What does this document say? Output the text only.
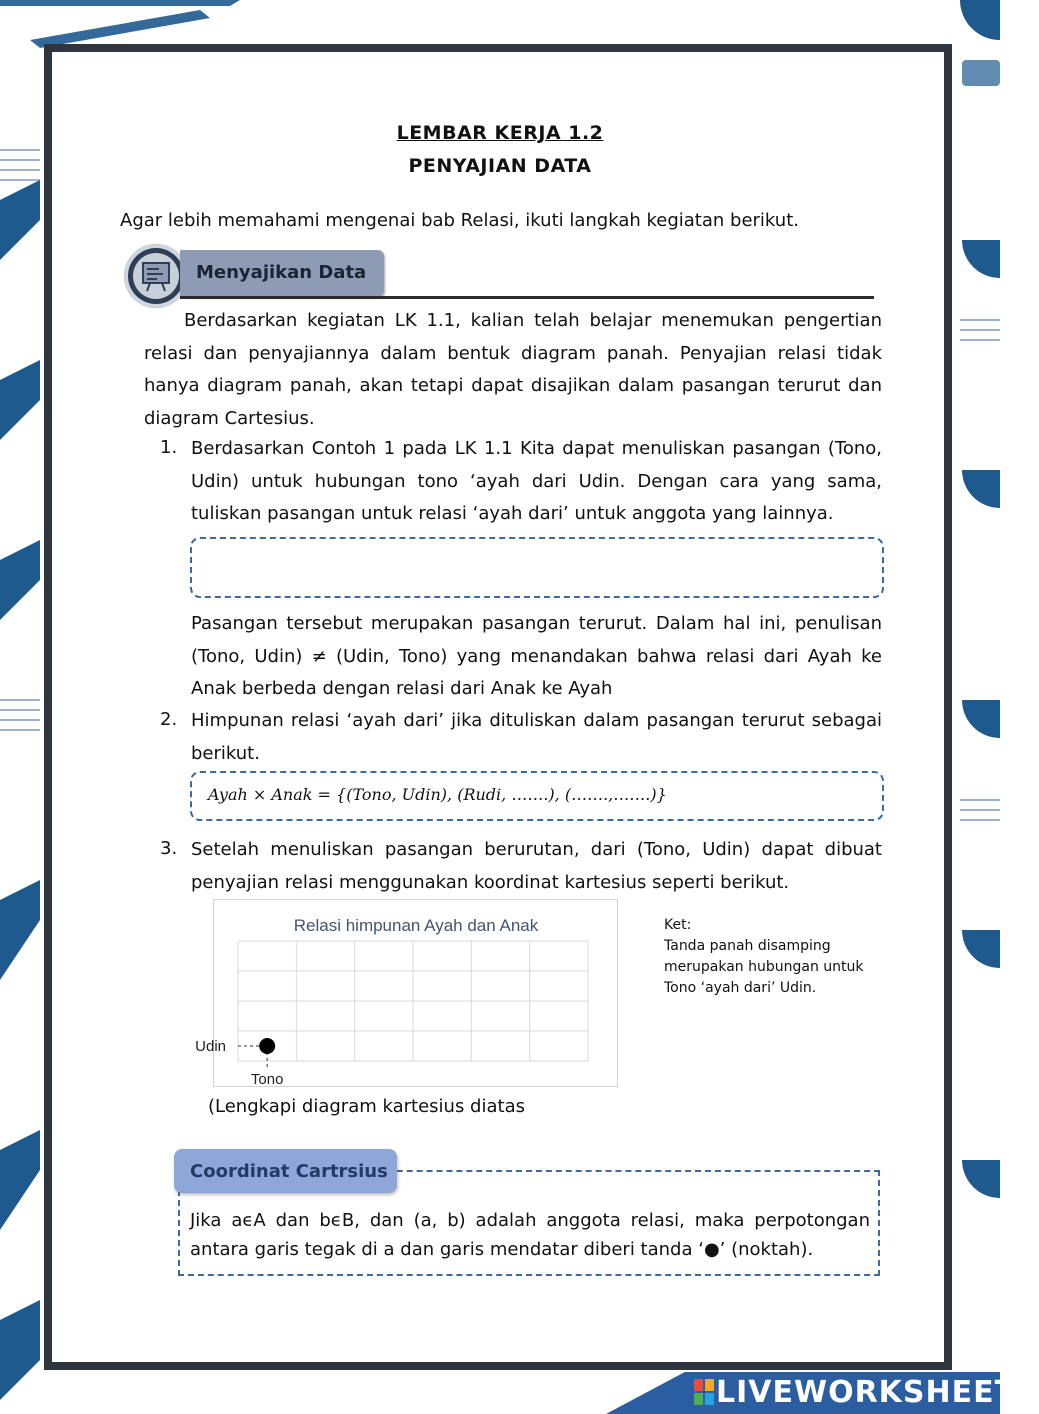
LEMBAR KERJA 1.2
PENYAJIAN DATA
Agar lebih memahami mengenai bab Relasi, ikuti langkah kegiatan berikut.
Menyajikan Data
Berdasarkan kegiatan LK 1.1, kalian telah belajar menemukan pengertian relasi dan penyajiannya dalam bentuk diagram panah. Penyajian relasi tidak hanya diagram panah, akan tetapi dapat disajikan dalam pasangan terurut dan diagram Cartesius.
1. Berdasarkan Contoh 1 pada LK 1.1 Kita dapat menuliskan pasangan (Tono, Udin) untuk hubungan tono ‘ayah dari Udin. Dengan cara yang sama, tuliskan pasangan untuk relasi ‘ayah dari’ untuk anggota yang lainnya.
Pasangan tersebut merupakan pasangan terurut. Dalam hal ini, penulisan (Tono, Udin) ≠ (Udin, Tono) yang menandakan bahwa relasi dari Ayah ke Anak berbeda dengan relasi dari Anak ke Ayah
2. Himpunan relasi ‘ayah dari’ jika dituliskan dalam pasangan terurut sebagai berikut.
Ayah × Anak = {(Tono, Udin), (Rudi, …….), (…….,…….)}
3. Setelah menuliskan pasangan berurutan, dari (Tono, Udin) dapat dibuat penyajian relasi menggunakan koordinat kartesius seperti berikut.
Relasi himpunan Ayah dan Anak
Tono
Udin
Ket:
Tanda panah disamping
merupakan hubungan untuk
Tono ‘ayah dari’ Udin.
(Lengkapi diagram kartesius diatas
Coordinat Cartrsius
Jika aϵA dan bϵB, dan (a, b) adalah anggota relasi, maka perpotongan antara garis tegak di a dan garis mendatar diberi tanda ‘●’ (noktah).
LIVEWORKSHEETS
